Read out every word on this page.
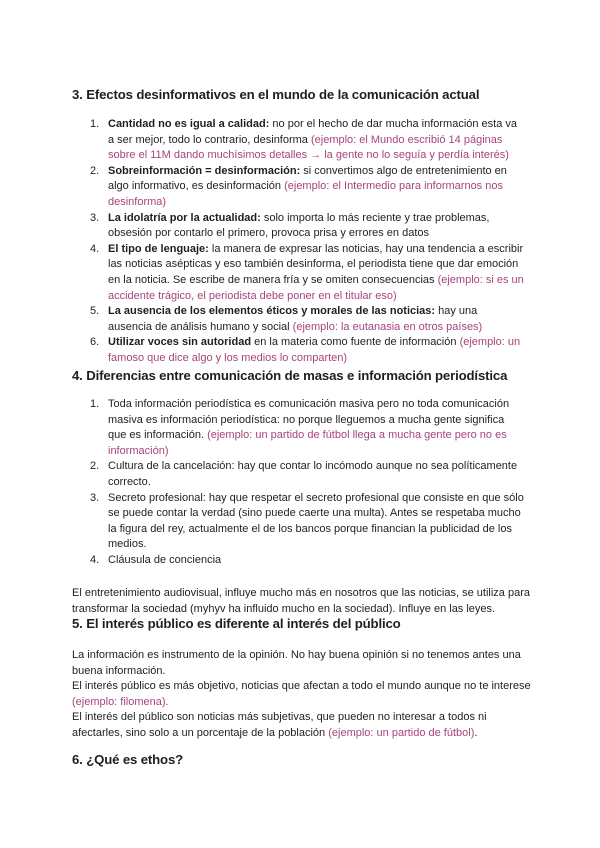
3. Efectos desinformativos en el mundo de la comunicación actual
1. Cantidad no es igual a calidad: no por el hecho de dar mucha información esta va a ser mejor, todo lo contrario, desinforma (ejemplo: el Mundo escribió 14 páginas sobre el 11M dando muchísimos detalles → la gente no lo seguía y perdía interés)
2. Sobreinformación = desinformación: si convertimos algo de entretenimiento en algo informativo, es desinformación (ejemplo: el Intermedio para informarnos nos desinforma)
3. La idolatría por la actualidad: solo importa lo más reciente y trae problemas, obsesión por contarlo el primero, provoca prisa y errores en datos
4. El tipo de lenguaje: la manera de expresar las noticias, hay una tendencia a escribir las noticias asépticas y eso también desinforma, el periodista tiene que dar emoción en la noticia. Se escribe de manera fría y se omiten consecuencias (ejemplo: si es un accidente trágico, el periodista debe poner en el titular eso)
5. La ausencia de los elementos éticos y morales de las noticias: hay una ausencia de análisis humano y social (ejemplo: la eutanasia en otros países)
6. Utilizar voces sin autoridad en la materia como fuente de información (ejemplo: un famoso que dice algo y los medios lo comparten)
4. Diferencias entre comunicación de masas e información periodística
1. Toda información periodística es comunicación masiva pero no toda comunicación masiva es información periodística: no porque lleguemos a mucha gente significa que es información. (ejemplo: un partido de fútbol llega a mucha gente pero no es información)
2. Cultura de la cancelación: hay que contar lo incómodo aunque no sea políticamente correcto.
3. Secreto profesional: hay que respetar el secreto profesional que consiste en que sólo se puede contar la verdad (sino puede caerte una multa). Antes se respetaba mucho la figura del rey, actualmente el de los bancos porque financian la publicidad de los medios.
4. Cláusula de conciencia

El entretenimiento audiovisual, influye mucho más en nosotros que las noticias, se utiliza para transformar la sociedad (myhyv ha influido mucho en la sociedad). Influye en las leyes.

5. El interés público es diferente al interés del público
La información es instrumento de la opinión. No hay buena opinión si no tenemos antes una buena información.
El interés público es más objetivo, noticias que afectan a todo el mundo aunque no te interese (ejemplo: filomena).
El interés del público son noticias más subjetivas, que pueden no interesar a todos ni afectarles, sino solo a un porcentaje de la población (ejemplo: un partido de fútbol).
6. ¿Qué es ethos?
